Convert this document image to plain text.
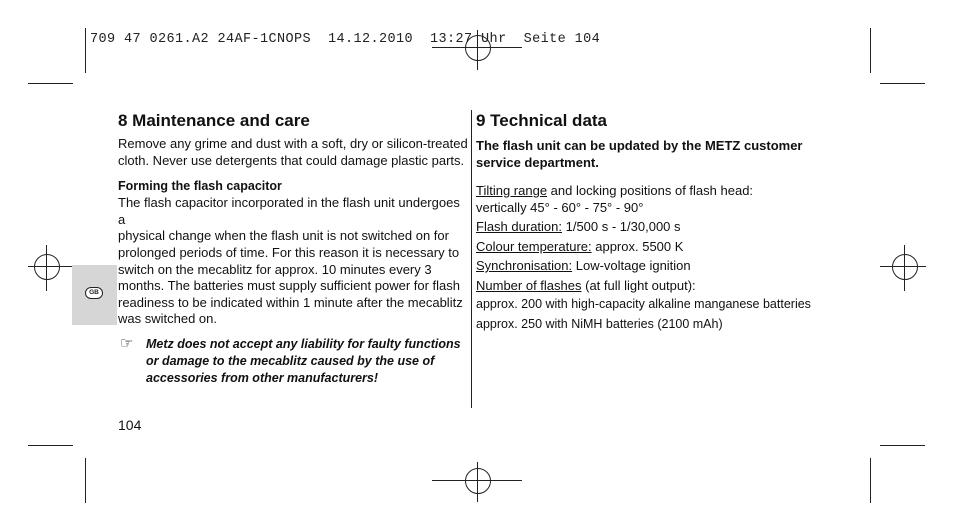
709 47 0261.A2 24AF-1CNOPS  14.12.2010  13:27 Uhr  Seite 104
GB
8 Maintenance and care

Remove any grime and dust with a soft, dry or silicon-treated

cloth. Never use detergents that could damage plastic parts.

Forming the flash capacitor

The flash capacitor incorporated in the flash unit undergoes a

physical change when the flash unit is not switched on for

prolonged periods of time. For this reason it is necessary to

switch on the mecablitz for approx. 10 minutes every 3

months. The batteries must supply sufficient power for flash

readiness to be indicated within 1 minute after the mecablitz

was switched on.

☞ Metz does not accept any liability for faulty functions
or damage to the mecablitz caused by the use of
accessories from other manufacturers!
9 Technical data

The flash unit can be updated by the METZ customer

service department.

Tilting range and locking positions of flash head:

vertically 45° - 60° - 75° - 90°

Flash duration: 1/500 s - 1/30,000 s

Colour temperature: approx. 5500 K

Synchronisation: Low-voltage ignition

Number of flashes (at full light output):

approx. 200 with high-capacity alkaline manganese batteries

approx. 250 with NiMH batteries (2100 mAh)

104
